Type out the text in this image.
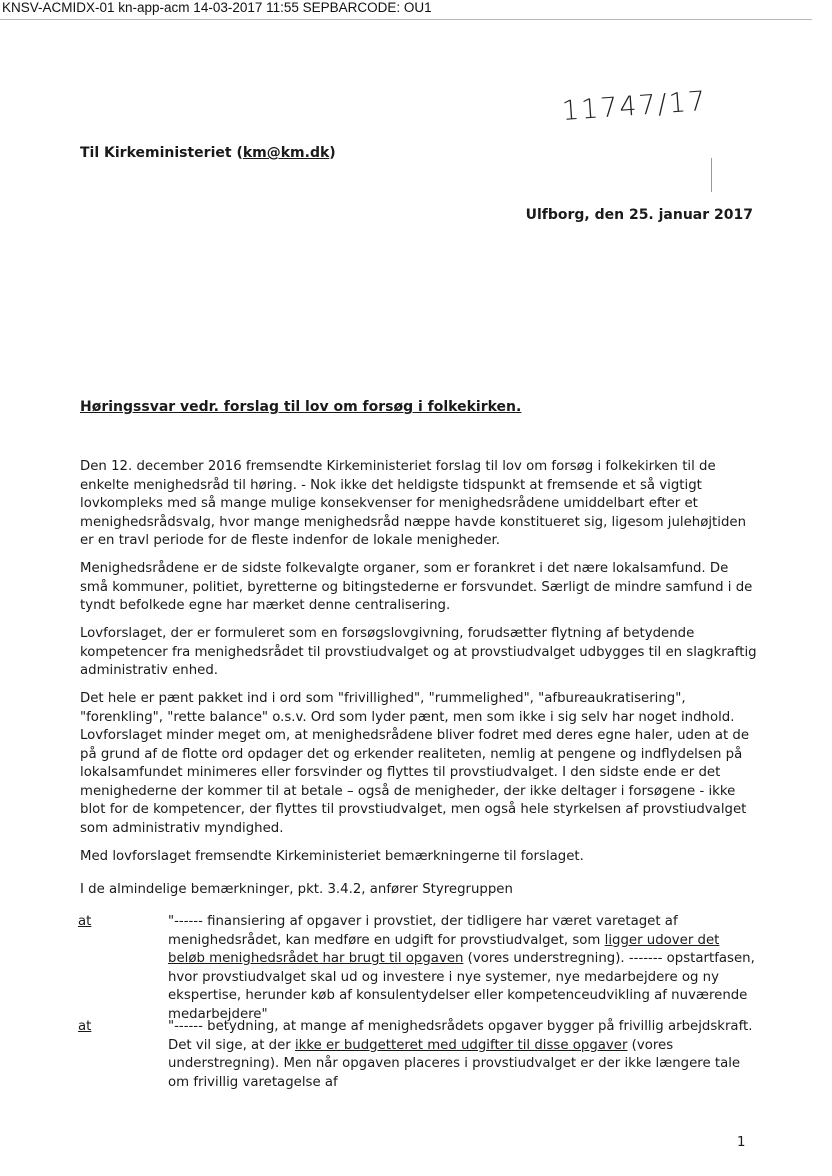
KNSV-ACMIDX-01 kn-app-acm 14-03-2017 11:55 SEPBARCODE: OU1
11747/17
Til Kirkeministeriet (km@km.dk)
Ulfborg, den 25. januar 2017
Høringssvar vedr. forslag til lov om forsøg i folkekirken.

Den 12. december 2016 fremsendte Kirkeministeriet forslag til lov om forsøg i folkekirken til de enkelte menighedsråd til høring. - Nok ikke det heldigste tidspunkt at fremsende et så vigtigt lovkompleks med så mange mulige konsekvenser for menighedsrådene umiddelbart efter et menighedsrådsvalg, hvor mange menighedsråd næppe havde konstitueret sig, ligesom julehøjtiden er en travl periode for de fleste indenfor de lokale menigheder.

Menighedsrådene er de sidste folkevalgte organer, som er forankret i det nære lokalsamfund. De små kommuner, politiet, byretterne og bitingstederne er forsvundet. Særligt de mindre samfund i de tyndt befolkede egne har mærket denne centralisering.

Lovforslaget, der er formuleret som en forsøgslovgivning, forudsætter flytning af betydende kompetencer fra menighedsrådet til provstiudvalget og at provstiudvalget udbygges til en slagkraftig administrativ enhed.

Det hele er pænt pakket ind i ord som "frivillighed", "rummelighed", "afbureaukratisering", "forenkling", "rette balance" o.s.v. Ord som lyder pænt, men som ikke i sig selv har noget indhold. Lovforslaget minder meget om, at menighedsrådene bliver fodret med deres egne haler, uden at de på grund af de flotte ord opdager det og erkender realiteten, nemlig at pengene og indflydelsen på lokalsamfundet minimeres eller forsvinder og flyttes til provstiudvalget. I den sidste ende er det menighederne der kommer til at betale – også de menigheder, der ikke deltager i forsøgene - ikke blot for de kompetencer, der flyttes til provstiudvalget, men også hele styrkelsen af provstiudvalget som administrativ myndighed.

Med lovforslaget fremsendte Kirkeministeriet bemærkningerne til forslaget.

I de almindelige bemærkninger, pkt. 3.4.2, anfører Styregruppen
at	"------ finansiering af opgaver i provstiet, der tidligere har været varetaget af menighedsrådet, kan medføre en udgift for provstiudvalget, som ligger udover det beløb menighedsrådet har brugt til opgaven (vores understregning). ------- opstartfasen, hvor provstiudvalget skal ud og investere i nye systemer, nye medarbejdere og ny ekspertise, herunder køb af konsulentydelser eller kompetenceudvikling af nuværende medarbejdere"
at	"------ betydning, at mange af menighedsrådets opgaver bygger på frivillig arbejdskraft. Det vil sige, at der ikke er budgetteret med udgifter til disse opgaver (vores understregning). Men når opgaven placeres i provstiudvalget er der ikke længere tale om frivillig varetagelse af
1
